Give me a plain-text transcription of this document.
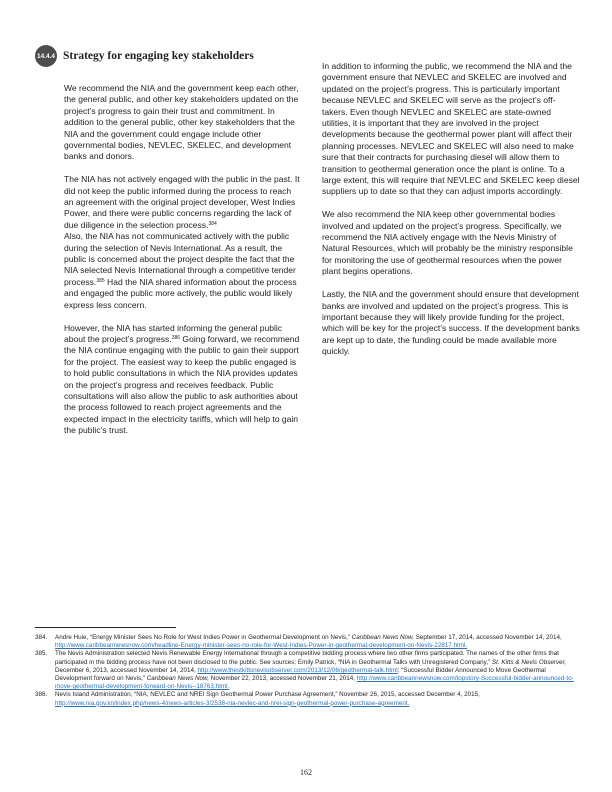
14.4.4 Strategy for engaging key stakeholders

We recommend the NIA and the government keep each other, the general public, and other key stakeholders updated on the project’s progress to gain their trust and commitment. In addition to the general public, other key stakeholders that the NIA and the government could engage include other governmental bodies, NEVLEC, SKELEC, and development banks and donors.

The NIA has not actively engaged with the public in the past. It did not keep the public informed during the process to reach an agreement with the original project developer, West Indies Power, and there were public concerns regarding the lack of due diligence in the selection process.$^{384}$

Also, the NIA has not communicated actively with the public during the selection of Nevis International. As a result, the public is concerned about the project despite the fact that the NIA selected Nevis International through a competitive tender process.$^{385}$ Had the NIA shared information about the process and engaged the public more actively, the public would likely express less concern.

However, the NIA has started informing the general public about the project’s progress.$^{386}$ Going forward, we recommend the NIA continue engaging with the public to gain their support for the project. The easiest way to keep the public engaged is to hold public consultations in which the NIA provides updates on the project’s progress and receives feedback. Public consultations will also allow the public to ask authorities about the process followed to reach project agreements and the expected impact in the electricity tariffs, which will help to gain the public’s trust.

In addition to informing the public, we recommend the NIA and the government ensure that NEVLEC and SKELEC are involved and updated on the project’s progress. This is particularly important because NEVLEC and SKELEC will serve as the project’s off-takers. Even though NEVLEC and SKELEC are state-owned utilities, it is important that they are involved in the project developments because the geothermal power plant will affect their planning processes. NEVLEC and SKELEC will also need to make sure that their contracts for purchasing diesel will allow them to transition to geothermal generation once the plant is online. To a large extent, this will require that NEVLEC and SKELEC keep diesel suppliers up to date so that they can adjust imports accordingly.

We also recommend the NIA keep other governmental bodies involved and updated on the project’s progress. Specifically, we recommend the NIA actively engage with the Nevis Ministry of Natural Resources, which will probably be the ministry responsible for monitoring the use of geothermal resources when the power plant begins operations.

Lastly, the NIA and the government should ensure that development banks are involved and updated on the project’s progress. This is important because they will likely provide funding for the project, which will be key for the project’s success. If the development banks are kept up to date, the funding could be made available more quickly.

384.	Andre Huie, “Energy Minister Sees No Role for West Indies Power in Geothermal Development on Nevis,” Caribbean News Now, September 17, 2014, accessed November 14, 2014, http://www.caribbeannewsnow.com/headline-Energy-minister-sees-no-role-for-West-Indies-Power-in-geothermal-development-on-Nevis-22817.html.
385.	The Nevis Administration selected Nevis Renewable Energy International through a competitive bidding process where two other firms participated. The names of the other firms that participated in the bidding process have not been disclosed to the public. See sources: Emily Patrick, “NIA in Geothermal Talks with Unregistered Company,” St. Kitts & Nevis Observer, December 6, 2013, accessed November 14, 2014, http://www.thestkittsnevisobserver.com/2013/12/06/geothermal-talk.html; “Successful Bidder Announced to Move Geothermal Development forward on Nevis,” Caribbean News Now, November 22, 2013, accessed November 21, 2014, http://www.caribbeannewsnow.com/topstory-Successful-bidder-announced-to-move-geothermal-development-forward-on-Nevis--18763.html.
386.	Nevis Island Administration, “NIA, NEVLEC and NREI Sign Geothermal Power Purchase Agreement,” November 26, 2015, accessed December 4, 2015, http://www.nia.gov.kn/index.php/news-4/news-articles-3/2538-nia-nevlec-and-nrei-sign-geothermal-power-purchase-agreement.
162
